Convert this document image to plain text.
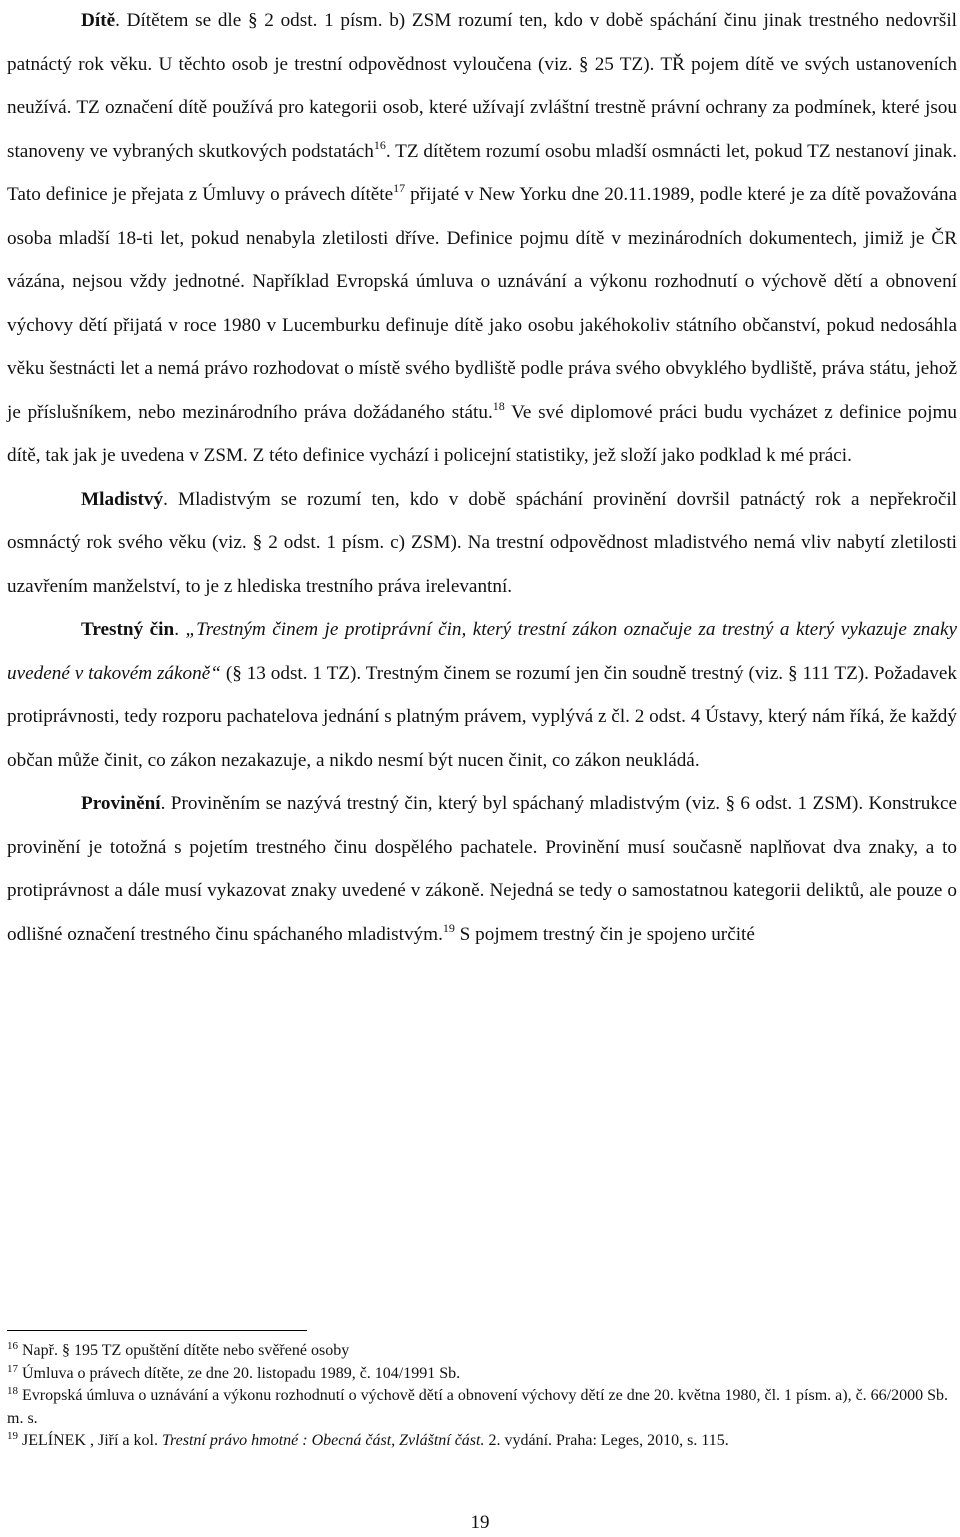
Dítě. Dítětem se dle § 2 odst. 1 písm. b) ZSM rozumí ten, kdo v době spáchání činu jinak trestného nedovršil patnáctý rok věku. U těchto osob je trestní odpovědnost vyloučena (viz. § 25 TZ). TŘ pojem dítě ve svých ustanoveních neužívá. TZ označení dítě používá pro kategorii osob, které užívají zvláštní trestně právní ochrany za podmínek, které jsou stanoveny ve vybraných skutkových podstatách$^{16}$. TZ dítětem rozumí osobu mladší osmnácti let, pokud TZ nestanoví jinak. Tato definice je přejata z Úmluvy o právech dítěte$^{17}$ přijaté v New Yorku dne 20.11.1989, podle které je za dítě považována osoba mladší 18-ti let, pokud nenabyla zletilosti dříve. Definice pojmu dítě v mezinárodních dokumentech, jimiž je ČR vázána, nejsou vždy jednotné. Například Evropská úmluva o uznávání a výkonu rozhodnutí o výchově dětí a obnovení výchovy dětí přijatá v roce 1980 v Lucemburku definuje dítě jako osobu jakéhokoliv státního občanství, pokud nedosáhla věku šestnácti let a nemá právo rozhodovat o místě svého bydliště podle práva svého obvyklého bydliště, práva státu, jehož je příslušníkem, nebo mezinárodního práva dožádaného státu.$^{18}$ Ve své diplomové práci budu vycházet z definice pojmu dítě, tak jak je uvedena v ZSM. Z této definice vychází i policejní statistiky, jež složí jako podklad k mé práci.

Mladistvý. Mladistvým se rozumí ten, kdo v době spáchání provinění dovršil patnáctý rok a nepřekročil osmnáctý rok svého věku (viz. § 2 odst. 1 písm. c) ZSM). Na trestní odpovědnost mladistvého nemá vliv nabytí zletilosti uzavřením manželství, to je z hlediska trestního práva irelevantní.

Trestný čin. „Trestným činem je protiprávní čin, který trestní zákon označuje za trestný a který vykazuje znaky uvedené v takovém zákoně“ (§ 13 odst. 1 TZ). Trestným činem se rozumí jen čin soudně trestný (viz. § 111 TZ). Požadavek protiprávnosti, tedy rozporu pachatelova jednání s platným právem, vyplývá z čl. 2 odst. 4 Ústavy, který nám říká, že každý občan může činit, co zákon nezakazuje, a nikdo nesmí být nucen činit, co zákon neukládá.

Provinění. Proviněním se nazývá trestný čin, který byl spáchaný mladistvým (viz. § 6 odst. 1 ZSM). Konstrukce provinění je totožná s pojetím trestného činu dospělého pachatele. Provinění musí současně naplňovat dva znaky, a to protiprávnost a dále musí vykazovat znaky uvedené v zákoně. Nejedná se tedy o samostatnou kategorii deliktů, ale pouze o odlišné označení trestného činu spáchaného mladistvým.$^{19}$ S pojmem trestný čin je spojeno určité

$^{16}$ Např. § 195 TZ opuštění dítěte nebo svěřené osoby

$^{17}$ Úmluva o právech dítěte, ze dne 20. listopadu 1989, č. 104/1991 Sb.

$^{18}$ Evropská úmluva o uznávání a výkonu rozhodnutí o výchově dětí a obnovení výchovy dětí ze dne 20. května 1980, čl. 1 písm. a), č. 66/2000 Sb. m. s.

$^{19}$ JELÍNEK , Jiří a kol. Trestní právo hmotné : Obecná část, Zvláštní část. 2. vydání. Praha: Leges, 2010, s. 115.

19
